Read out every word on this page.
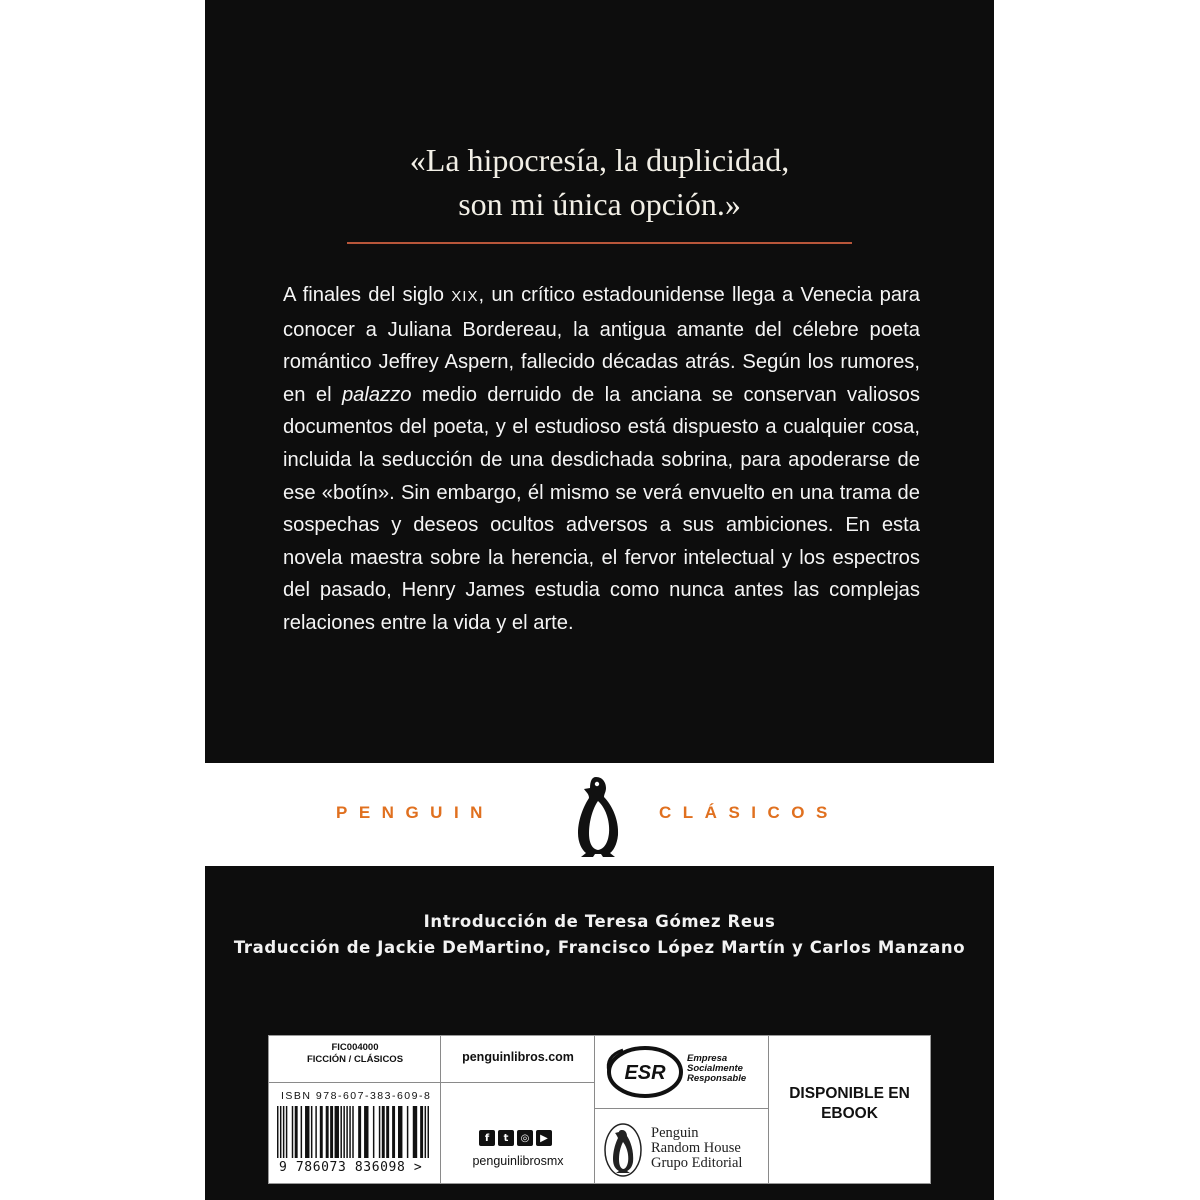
«La hipocresía, la duplicidad,
son mi única opción.»

A finales del siglo XIX, un crítico estadounidense llega a Venecia para conocer a Juliana Bordereau, la antigua amante del célebre poeta romántico Jeffrey Aspern, fallecido décadas atrás. Según los rumores, en el palazzo medio derruido de la anciana se conservan valiosos documentos del poeta, y el estudioso está dispuesto a cualquier cosa, incluida la seducción de una desdichada sobrina, para apoderarse de ese «botín». Sin embargo, él mismo se verá envuelto en una trama de sospechas y deseos ocultos adversos a sus ambiciones. En esta novela maestra sobre la herencia, el fervor intelectual y los espectros del pasado, Henry James estudia como nunca antes las complejas relaciones entre la vida y el arte.

PENGUIN	CLÁSICOS
Introducción de Teresa Gómez Reus
Traducción de Jackie DeMartino, Francisco López Martín y Carlos Manzano
FIC004000
FICCIÓN / CLÁSICOS
ISBN 978-607-383-609-8
9 786073 836098 >
penguinlibros.com
f	t	◎	▶
penguinlibrosmx
ESR
Empresa
Socialmente
Responsable
Penguin
Random House
Grupo Editorial
DISPONIBLE EN
EBOOK
